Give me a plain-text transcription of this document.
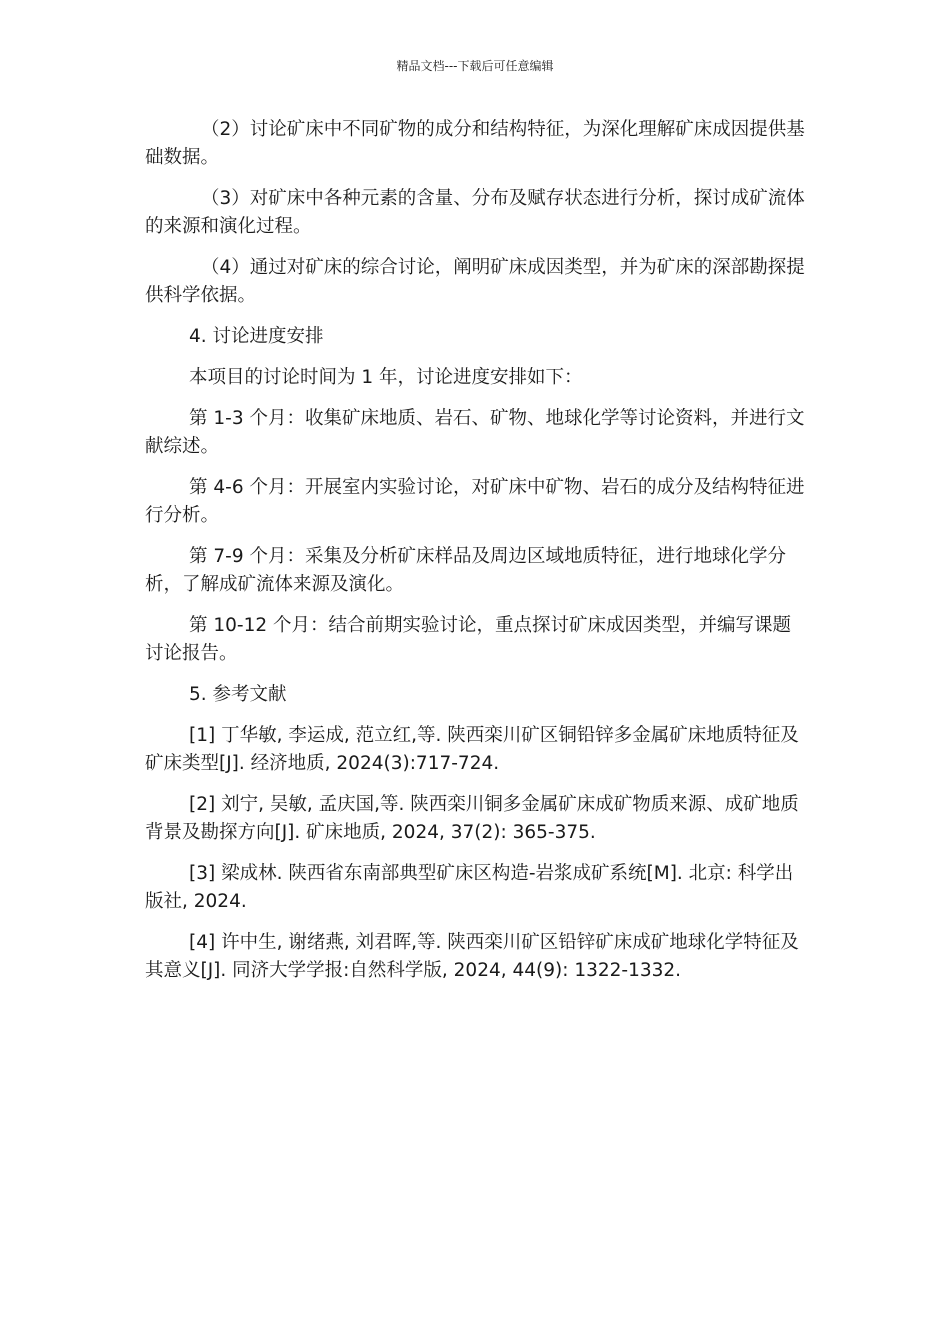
精品文档---下载后可任意编辑

（2）讨论矿床中不同矿物的成分和结构特征，为深化理解矿床成因提供基础数据。

（3）对矿床中各种元素的含量、分布及赋存状态进行分析，探讨成矿流体的来源和演化过程。

（4）通过对矿床的综合讨论，阐明矿床成因类型，并为矿床的深部勘探提供科学依据。

4. 讨论进度安排

本项目的讨论时间为 1 年，讨论进度安排如下：

第 1-3 个月：收集矿床地质、岩石、矿物、地球化学等讨论资料，并进行文献综述。

第 4-6 个月：开展室内实验讨论，对矿床中矿物、岩石的成分及结构特征进行分析。

第 7-9 个月：采集及分析矿床样品及周边区域地质特征，进行地球化学分析，了解成矿流体来源及演化。

第 10-12 个月：结合前期实验讨论，重点探讨矿床成因类型，并编写课题讨论报告。

5. 参考文献

[1] 丁华敏, 李运成, 范立红,等. 陕西栾川矿区铜铅锌多金属矿床地质特征及矿床类型[J]. 经济地质, 2024(3):717-724.

[2] 刘宁, 吴敏, 孟庆国,等. 陕西栾川铜多金属矿床成矿物质来源、成矿地质背景及勘探方向[J]. 矿床地质, 2024, 37(2): 365-375.

[3] 梁成林. 陕西省东南部典型矿床区构造-岩浆成矿系统[M]. 北京: 科学出版社, 2024.

[4] 许中生, 谢绪燕, 刘君晖,等. 陕西栾川矿区铅锌矿床成矿地球化学特征及其意义[J]. 同济大学学报:自然科学版, 2024, 44(9): 1322-1332.
